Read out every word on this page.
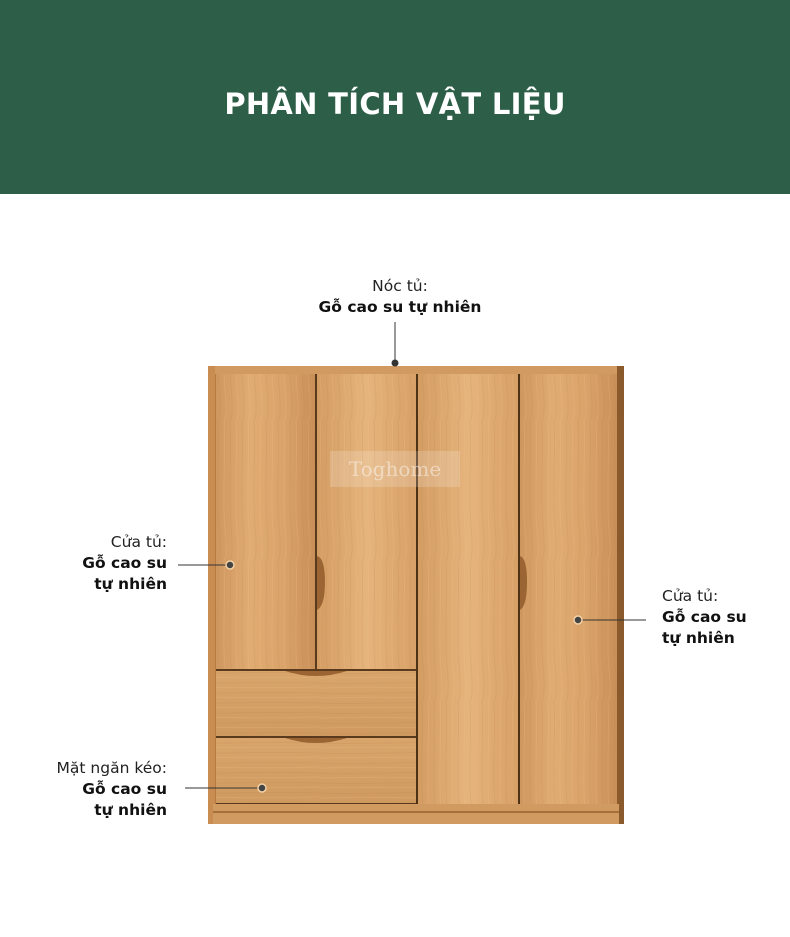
PHÂN TÍCH VẬT LIỆU
Toghome
Nóc tủ:
Gỗ cao su tự nhiên
Cửa tủ:
Gỗ cao su
tự nhiên
Cửa tủ:
Gỗ cao su
tự nhiên
Mặt ngăn kéo:
Gỗ cao su
tự nhiên
